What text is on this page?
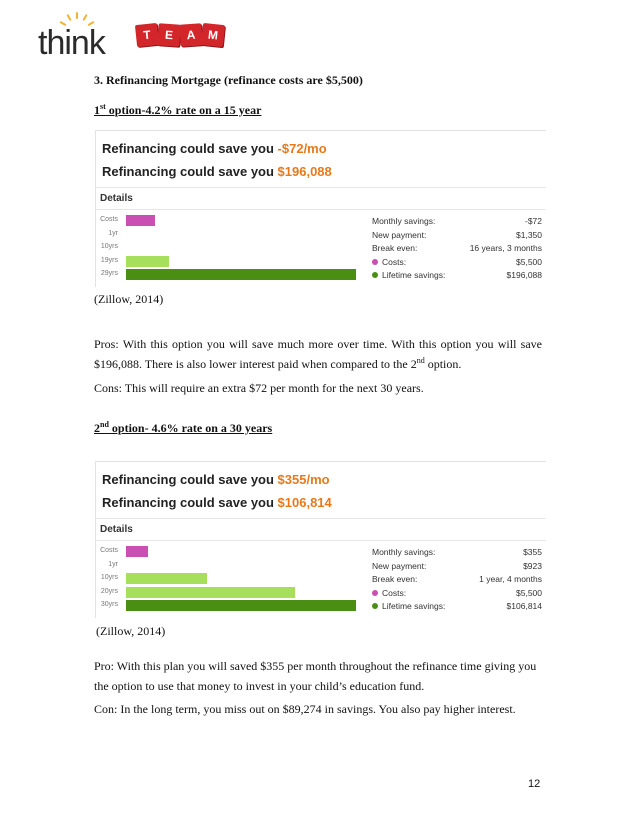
think	T	E	A M
3. Refinancing Mortgage (refinance costs are $5,500)
1st option-4.2% rate on a 15 year
Refinancing could save you -$72/mo
Refinancing could save you $196,088
Details
Costs
1yr
10yrs
19yrs
29yrs
Monthly savings:	-$72
New payment:	$1,350
Break even:	16 years, 3 months
Costs:	$5,500
Lifetime savings:	$196,088
(Zillow, 2014)
Pros: With this option you will save much more over time. With this option you will save $196,088. There is also lower interest paid when compared to the 2nd option.
Cons: This will require an extra $72 per month for the next 30 years.
2nd option- 4.6% rate on a 30 years
Refinancing could save you $355/mo
Refinancing could save you $106,814
Details
Costs
1yr
10yrs
20yrs
30yrs
Monthly savings:	$355
New payment:	$923
Break even:	1 year, 4 months
Costs:	$5,500
Lifetime savings:	$106,814
(Zillow, 2014)
Pro: With this plan you will saved $355 per month throughout the refinance time giving you the option to use that money to invest in your child’s education fund.
Con: In the long term, you miss out on $89,274 in savings. You also pay higher interest.
12
